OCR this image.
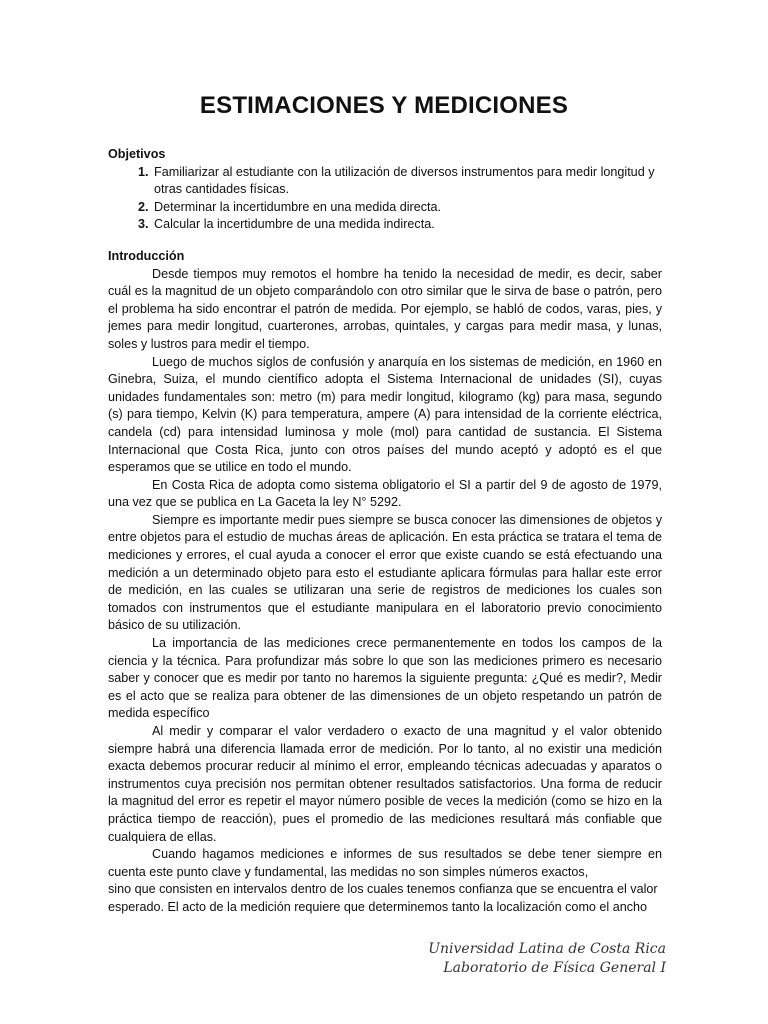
ESTIMACIONES Y MEDICIONES

Objetivos

1. Familiarizar al estudiante con la utilización de diversos instrumentos para medir longitud y otras cantidades físicas.
2. Determinar la incertidumbre en una medida directa.
3. Calcular la incertidumbre de una medida indirecta.

Introducción

Desde tiempos muy remotos el hombre ha tenido la necesidad de medir, es decir, saber cuál es la magnitud de un objeto comparándolo con otro similar que le sirva de base o patrón, pero el problema ha sido encontrar el patrón de medida. Por ejemplo, se habló de codos, varas, pies, y jemes para medir longitud, cuarterones, arrobas, quintales, y cargas para medir masa, y lunas, soles y lustros para medir el tiempo.

Luego de muchos siglos de confusión y anarquía en los sistemas de medición, en 1960 en Ginebra, Suiza, el mundo científico adopta el Sistema Internacional de unidades (SI), cuyas unidades fundamentales son: metro (m) para medir longitud, kilogramo (kg) para masa, segundo (s) para tiempo, Kelvin (K) para temperatura, ampere (A) para intensidad de la corriente eléctrica, candela (cd) para intensidad luminosa y mole (mol) para cantidad de sustancia. El Sistema Internacional que Costa Rica, junto con otros países del mundo aceptó y adoptó es el que esperamos que se utilice en todo el mundo.

En Costa Rica de adopta como sistema obligatorio el SI a partir del 9 de agosto de 1979, una vez que se publica en La Gaceta la ley N° 5292.

Siempre es importante medir pues siempre se busca conocer las dimensiones de objetos y entre objetos para el estudio de muchas áreas de aplicación. En esta práctica se tratara el tema de mediciones y errores, el cual ayuda a conocer el error que existe cuando se está efectuando una medición a un determinado objeto para esto el estudiante aplicara fórmulas para hallar este error de medición, en las cuales se utilizaran una serie de registros de mediciones los cuales son tomados con instrumentos que el estudiante manipulara en el laboratorio previo conocimiento básico de su utilización.

La importancia de las mediciones crece permanentemente en todos los campos de la ciencia y la técnica. Para profundizar más sobre lo que son las mediciones primero es necesario saber y conocer que es medir por tanto no haremos la siguiente pregunta: ¿Qué es medir?, Medir es el acto que se realiza para obtener de las dimensiones de un objeto respetando un patrón de medida específico

Al medir y comparar el valor verdadero o exacto de una magnitud y el valor obtenido siempre habrá una diferencia llamada error de medición. Por lo tanto, al no existir una medición exacta debemos procurar reducir al mínimo el error, empleando técnicas adecuadas y aparatos o instrumentos cuya precisión nos permitan obtener resultados satisfactorios. Una forma de reducir la magnitud del error es repetir el mayor número posible de veces la medición (como se hizo en la práctica tiempo de reacción), pues el promedio de las mediciones resultará más confiable que cualquiera de ellas.

Cuando hagamos mediciones e informes de sus resultados se debe tener siempre en cuenta este punto clave y fundamental, las medidas no son simples números exactos,

sino que consisten en intervalos dentro de los cuales tenemos confianza que se encuentra el valor esperado. El acto de la medición requiere que determinemos tanto la localización como el ancho

Universidad Latina de Costa Rica
Laboratorio de Física General I
